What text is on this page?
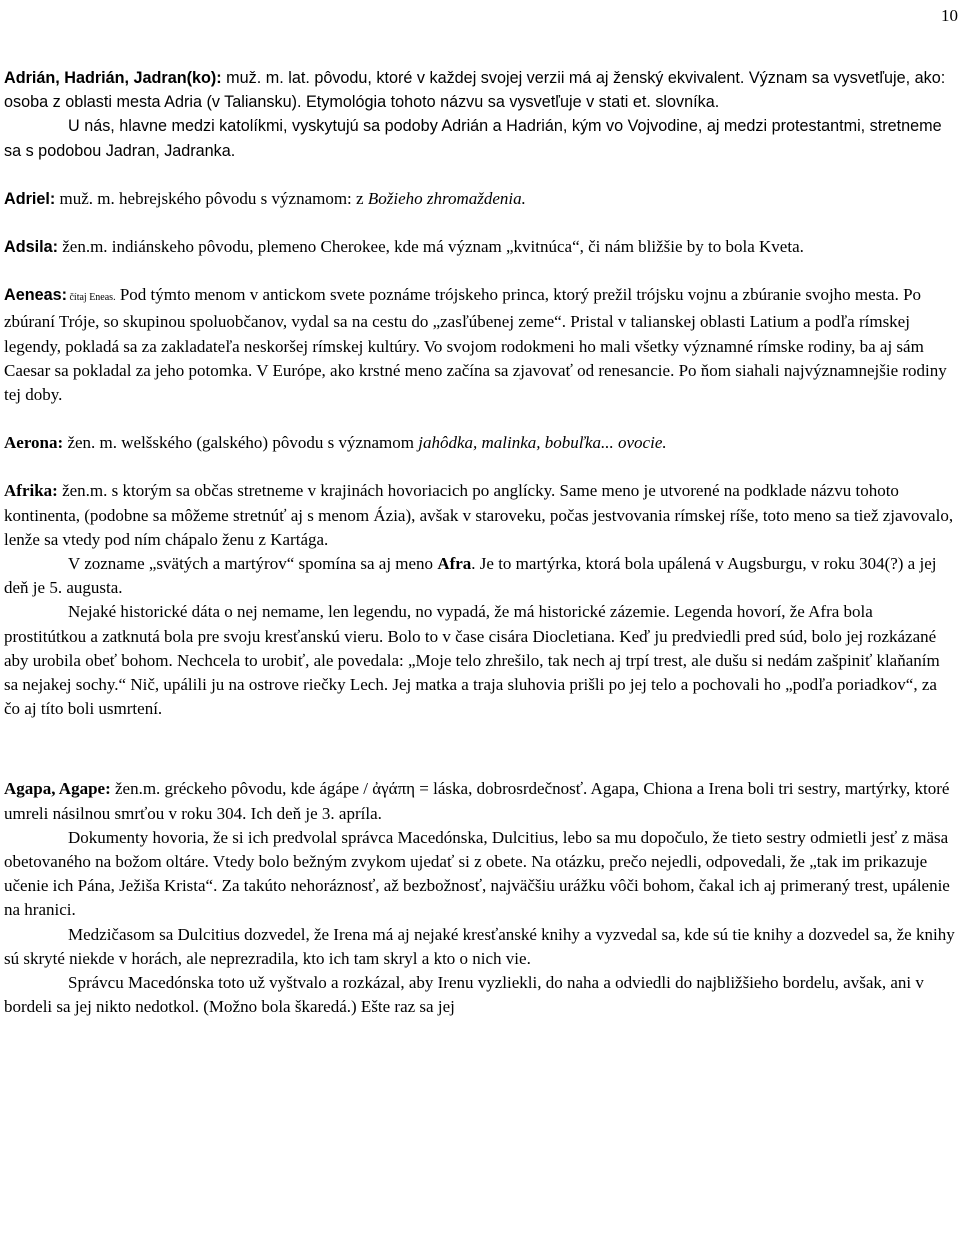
10

Adrián, Hadrián, Jadran(ko): muž. m. lat. pôvodu, ktoré v každej svojej verzii má aj ženský ekvivalent. Význam sa vysvetľuje, ako: osoba z oblasti mesta Adria (v Taliansku). Etymológia tohoto názvu sa vysvetľuje v stati et. slovníka.

U nás, hlavne medzi katolíkmi, vyskytujú sa podoby Adrián a Hadrián, kým vo Vojvodine, aj medzi protestantmi, stretneme sa s podobou Jadran, Jadranka.

Adriel: muž. m. hebrejského pôvodu s významom: z Božieho zhromaždenia.

Adsila: žen.m. indiánskeho pôvodu, plemeno Cherokee, kde má význam „kvitnúca“, či nám bližšie by to bola Kveta.

Aeneas: čítaj Eneas. Pod týmto menom v antickom svete poznáme trójskeho princa, ktorý prežil trójsku vojnu a zbúranie svojho mesta. Po zbúraní Tróje, so skupinou spoluobčanov, vydal sa na cestu do „zasľúbenej zeme“. Pristal v talianskej oblasti Latium a podľa rímskej legendy, pokladá sa za zakladateľa neskoršej rímskej kultúry. Vo svojom rodokmeni ho mali všetky významné rímske rodiny, ba aj sám Caesar sa pokladal za jeho potomka. V Európe, ako krstné meno začína sa zjavovať od renesancie. Po ňom siahali najvýznamnejšie rodiny tej doby.

Aerona: žen. m. welšského (galského) pôvodu s významom jahôdka, malinka, bobuľka... ovocie.

Afrika: žen.m. s ktorým sa občas stretneme v krajinách hovoriacich po anglícky. Same meno je utvorené na podklade názvu tohoto kontinenta, (podobne sa môžeme stretnúť aj s menom Ázia), avšak v staroveku, počas jestvovania rímskej ríše, toto meno sa tiež zjavovalo, lenže sa vtedy pod ním chápalo ženu z Kartága.

V zozname „svätých a martýrov“ spomína sa aj meno Afra. Je to martýrka, ktorá bola upálená v Augsburgu, v roku 304(?) a jej deň je 5. augusta.

Nejaké historické dáta o nej nemame, len legendu, no vypadá, že má historické zázemie. Legenda hovorí, že Afra bola prostitútkou a zatknutá bola pre svoju kresťanskú vieru. Bolo to v čase cisára Diocletiana. Keď ju predviedli pred súd, bolo jej rozkázané aby urobila obeť bohom. Nechcela to urobiť, ale povedala: „Moje telo zhrešilo, tak nech aj trpí trest, ale dušu si nedám zašpiniť klaňaním sa nejakej sochy.“ Nič, upálili ju na ostrove riečky Lech. Jej matka a traja sluhovia prišli po jej telo a pochovali ho „podľa poriadkov“, za čo aj títo boli usmrtení.

Agapa, Agape: žen.m. gréckeho pôvodu, kde ágápe / ἀγάπη = láska, dobrosrdečnosť. Agapa, Chiona a Irena boli tri sestry, martýrky, ktoré umreli násilnou smrťou v roku 304. Ich deň je 3. apríla.

Dokumenty hovoria, že si ich predvolal správca Macedónska, Dulcitius, lebo sa mu dopočulo, že tieto sestry odmietli jesť z mäsa obetovaného na božom oltáre. Vtedy bolo bežným zvykom ujedať si z obete. Na otázku, prečo nejedli, odpovedali, že „tak im prikazuje učenie ich Pána, Ježiša Krista“. Za takúto nehoráznosť, až bezbožnosť, najväčšiu urážku vôči bohom, čakal ich aj primeraný trest, upálenie na hranici.

Medzičasom sa Dulcitius dozvedel, že Irena má aj nejaké kresťanské knihy a vyzvedal sa, kde sú tie knihy a dozvedel sa, že knihy sú skryté niekde v horách, ale neprezradila, kto ich tam skryl a kto o nich vie.

Správcu Macedónska toto už vyštvalo a rozkázal, aby Irenu vyzliekli, do naha a odviedli do najbližšieho bordelu, avšak, ani v bordeli sa jej nikto nedotkol. (Možno bola škaredá.) Ešte raz sa jej
